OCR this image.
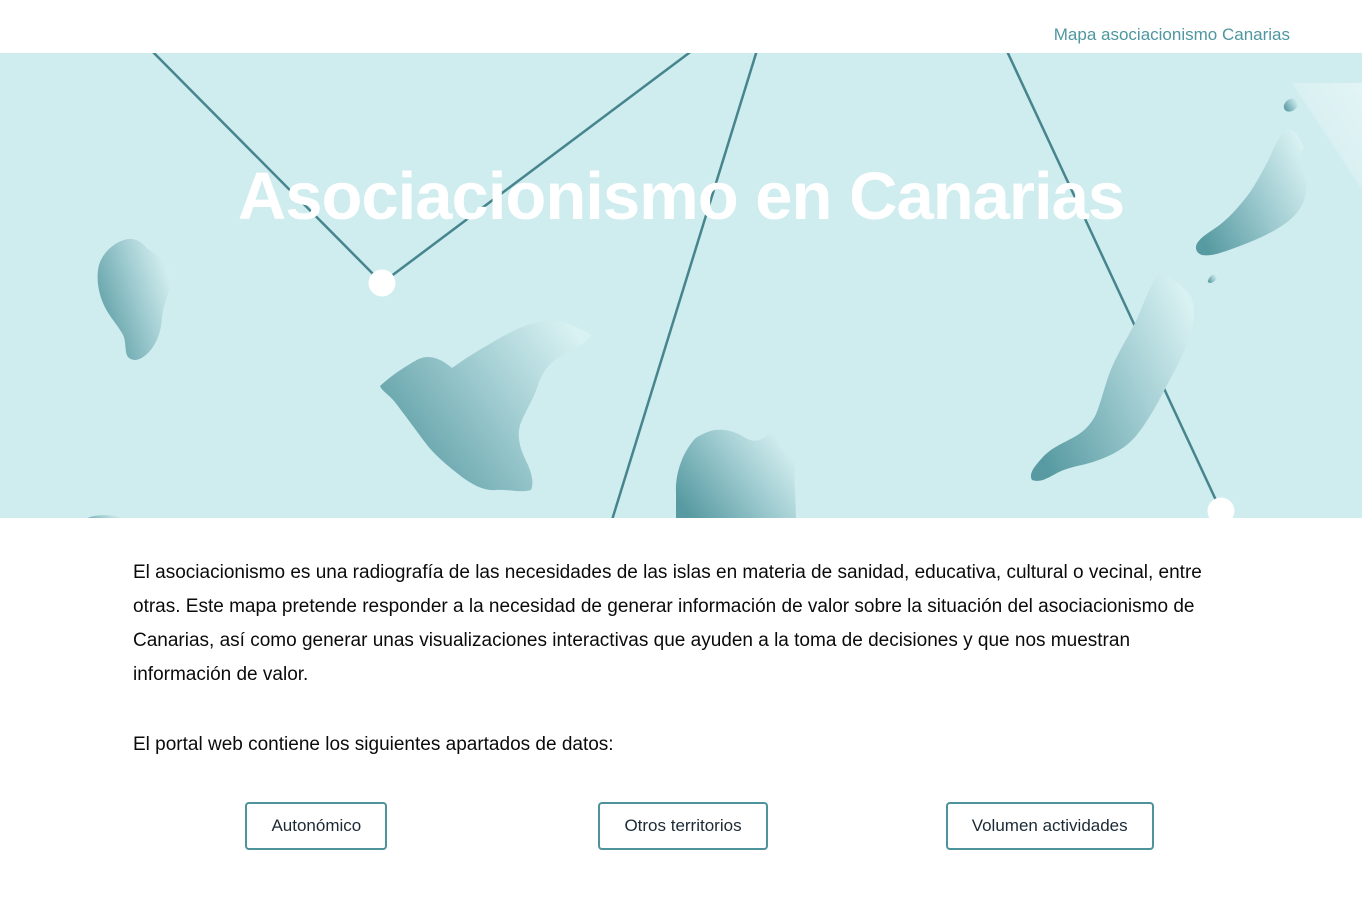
Mapa asociacionismo Canarias
Asociacionismo en Canarias

El asociacionismo es una radiografía de las necesidades de las islas en materia de sanidad, educativa, cultural o vecinal, entre otras. Este mapa pretende responder a la necesidad de generar información de valor sobre la situación del asociacionismo de Canarias, así como generar unas visualizaciones interactivas que ayuden a la toma de decisiones y que nos muestran información de valor.

El portal web contiene los siguientes apartados de datos:

Autonómico	Otros territorios	Volumen actividades
